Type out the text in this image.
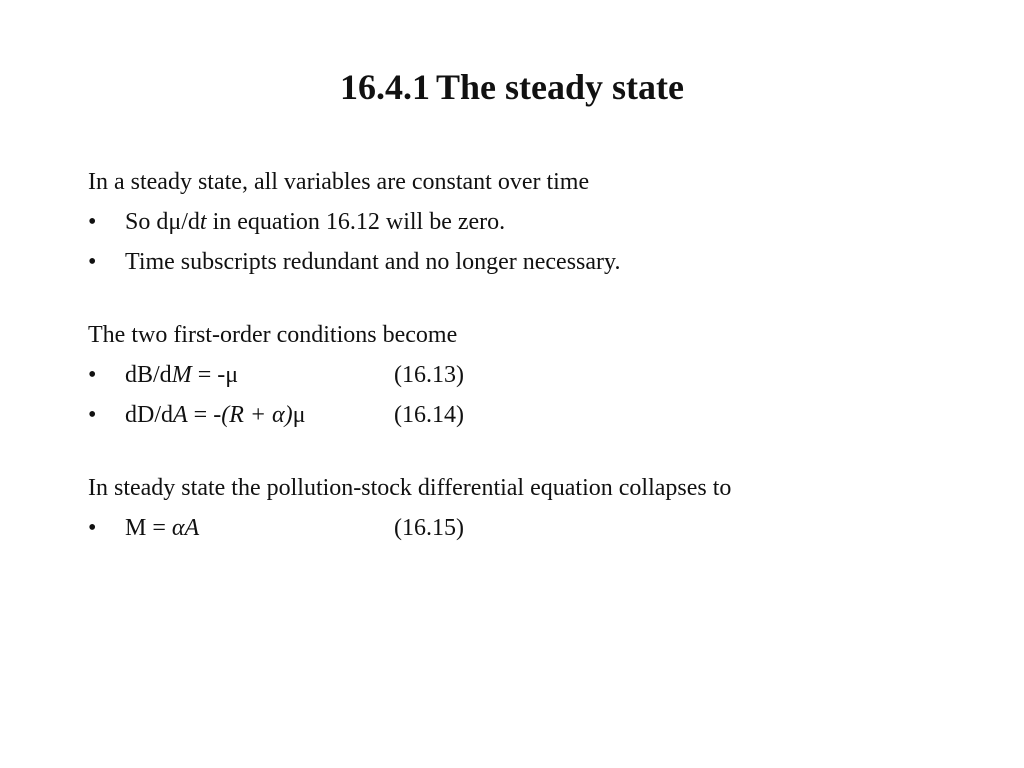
16.4.1 The steady state
In a steady state, all variables are constant over time
• So dμ/dt in equation 16.12 will be zero.
• Time subscripts redundant and no longer necessary.
The two first-order conditions become
• dB/dM = -μ	(16.13)
• dD/dA = -(R + α)μ	(16.14)
In steady state the pollution-stock differential equation collapses to
• M = αA	(16.15)
